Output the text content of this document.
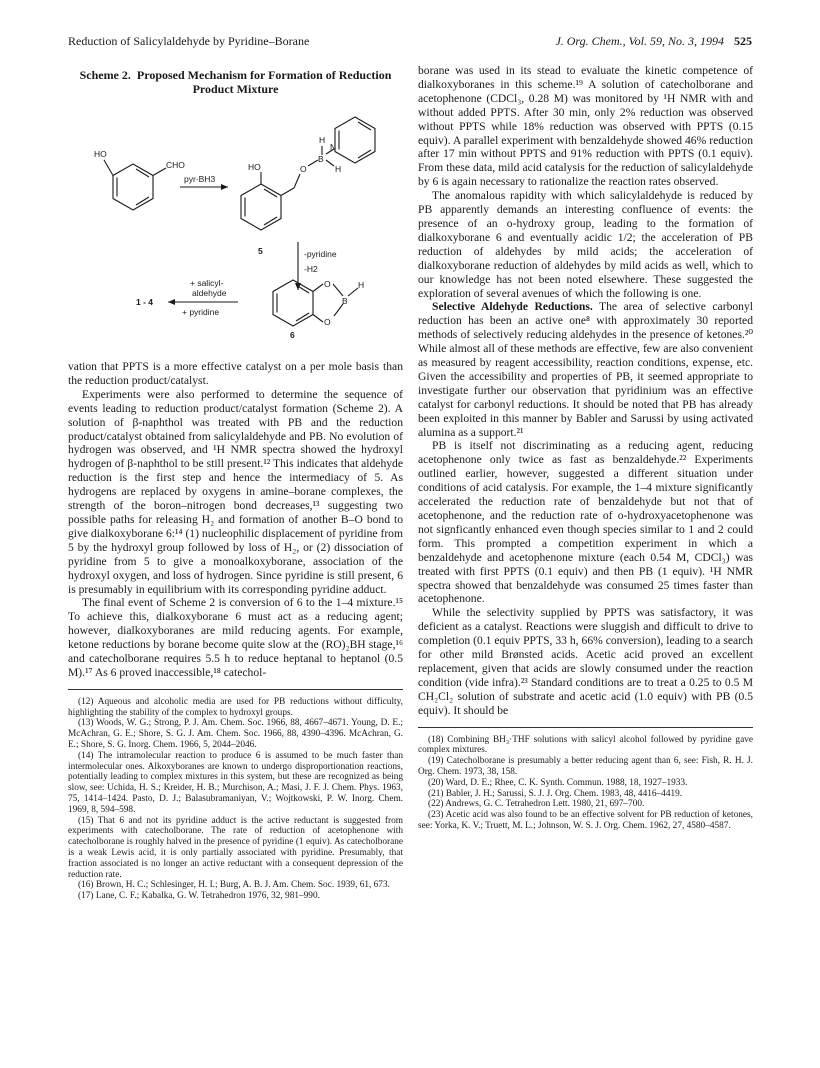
Reduction of Salicylaldehyde by Pyridine–Borane	J. Org. Chem., Vol. 59, No. 3, 1994 525
Scheme 2. Proposed Mechanism for Formation of Reduction Product Mixture
HO
CHO
pyr·BH3
HO	O
B
H
H
N
5	-pyridine
-H2
+ salicyl-
aldehyde
1 - 4
+ pyridine
O
O
B
H
6

vation that PPTS is a more effective catalyst on a per mole basis than the reduction product/catalyst.

Experiments were also performed to determine the sequence of events leading to reduction product/catalyst formation (Scheme 2). A solution of β-naphthol was treated with PB and the reduction product/catalyst obtained from salicylaldehyde and PB. No evolution of hydrogen was observed, and ¹H NMR spectra showed the hydroxyl hydrogen of β-naphthol to be still present.¹² This indicates that aldehyde reduction is the first step and hence the intermediacy of 5. As hydrogens are replaced by oxygens in amine–borane complexes, the strength of the boron–nitrogen bond decreases,¹³ suggesting two possible paths for releasing H₂ and formation of another B–O bond to give dialkoxyborane 6:¹⁴ (1) nucleophilic displacement of pyridine from 5 by the hydroxyl group followed by loss of H₂, or (2) dissociation of pyridine from 5 to give a monoalkoxyborane, association of the hydroxyl oxygen, and loss of hydrogen. Since pyridine is still present, 6 is presumably in equilibrium with its corresponding pyridine adduct.

The final event of Scheme 2 is conversion of 6 to the 1–4 mixture.¹⁵ To achieve this, dialkoxyborane 6 must act as a reducing agent; however, dialkoxyboranes are mild reducing agents. For example, ketone reductions by borane become quite slow at the (RO)₂BH stage,¹⁶ and catecholborane requires 5.5 h to reduce heptanal to heptanol (0.5 M).¹⁷ As 6 proved inaccessible,¹⁸ catechol-

(12) Aqueous and alcoholic media are used for PB reductions without difficulty, highlighting the stability of the complex to hydroxyl groups.

(13) Woods, W. G.; Strong, P. J. Am. Chem. Soc. 1966, 88, 4667–4671. Young, D. E.; McAchran, G. E.; Shore, S. G. J. Am. Chem. Soc. 1966, 88, 4390–4396. McAchran, G. E.; Shore, S. G. Inorg. Chem. 1966, 5, 2044–2046.

(14) The intramolecular reaction to produce 6 is assumed to be much faster than intermolecular ones. Alkoxyboranes are known to undergo disproportionation reactions, potentially leading to complex mixtures in this system, but these are recognized as being slow, see: Uchida, H. S.; Kreider, H. B.; Murchison, A.; Masi, J. F. J. Chem. Phys. 1963, 75, 1414–1424. Pasto, D. J.; Balasubramaniyan, V.; Wojtkowski, P. W. Inorg. Chem. 1969, 8, 594–598.

(15) That 6 and not its pyridine adduct is the active reductant is suggested from experiments with catecholborane. The rate of reduction of acetophenone with catecholborane is roughly halved in the presence of pyridine (1 equiv). As catecholborane is a weak Lewis acid, it is only partially associated with pyridine. Presumably, that fraction associated is no longer an active reductant with a consequent depression of the reduction rate.

(16) Brown, H. C.; Schlesinger, H. I.; Burg, A. B. J. Am. Chem. Soc. 1939, 61, 673.

(17) Lane, C. F.; Kabalka, G. W. Tetrahedron 1976, 32, 981–990.

borane was used in its stead to evaluate the kinetic competence of dialkoxyboranes in this scheme.¹⁹ A solution of catecholborane and acetophenone (CDCl₃, 0.28 M) was monitored by ¹H NMR with and without added PPTS. After 30 min, only 2% reduction was observed without PPTS while 18% reduction was observed with PPTS (0.15 equiv). A parallel experiment with benzaldehyde showed 46% reduction after 17 min without PPTS and 91% reduction with PPTS (0.1 equiv). From these data, mild acid catalysis for the reduction of salicylaldehyde by 6 is again necessary to rationalize the reaction rates observed.

The anomalous rapidity with which salicylaldehyde is reduced by PB apparently demands an interesting confluence of events: the presence of an o-hydroxy group, leading to the formation of dialkoxyborane 6 and eventually acidic 1/2; the acceleration of PB reduction of aldehydes by mild acids; the acceleration of dialkoxyborane reduction of aldehydes by mild acids as well, which to our knowledge has not been noted elsewhere. These suggested the exploration of several avenues of which the following is one.

Selective Aldehyde Reductions. The area of selective carbonyl reduction has been an active one⁸ with approximately 30 reported methods of selectively reducing aldehydes in the presence of ketones.²⁰ While almost all of these methods are effective, few are also convenient as measured by reagent accessibility, reaction conditions, expense, etc. Given the accessibility and properties of PB, it seemed appropriate to investigate further our observation that pyridinium was an effective catalyst for carbonyl reductions. It should be noted that PB has already been exploited in this manner by Babler and Sarussi by using activated alumina as a support.²¹

PB is itself not discriminating as a reducing agent, reducing acetophenone only twice as fast as benzaldehyde.²² Experiments outlined earlier, however, suggested a different situation under conditions of acid catalysis. For example, the 1–4 mixture significantly accelerated the reduction rate of benzaldehyde but not that of acetophenone, and the reduction rate of o-hydroxyacetophenone was not signficantly enhanced even though species similar to 1 and 2 could form. This prompted a competition experiment in which a benzaldehyde and acetophenone mixture (each 0.54 M, CDCl₃) was treated with first PPTS (0.1 equiv) and then PB (1 equiv). ¹H NMR spectra showed that benzaldehyde was consumed 25 times faster than acetophenone.

While the selectivity supplied by PPTS was satisfactory, it was deficient as a catalyst. Reactions were sluggish and difficult to drive to completion (0.1 equiv PPTS, 33 h, 66% conversion), leading to a search for other mild Brønsted acids. Acetic acid proved an excellent replacement, given that acids are slowly consumed under the reaction condition (vide infra).²³ Standard conditions are to treat a 0.25 to 0.5 M CH₂Cl₂ solution of substrate and acetic acid (1.0 equiv) with PB (0.5 equiv). It should be

(18) Combining BH₃·THF solutions with salicyl alcohol followed by pyridine gave complex mixtures.

(19) Catecholborane is presumably a better reducing agent than 6, see: Fish, R. H. J. Org. Chem. 1973, 38, 158.

(20) Ward, D. E.; Rhee, C. K. Synth. Commun. 1988, 18, 1927–1933.

(21) Babler, J. H.; Sarussi, S. J. J. Org. Chem. 1983, 48, 4416–4419.

(22) Andrews, G. C. Tetrahedron Lett. 1980, 21, 697–700.

(23) Acetic acid was also found to be an effective solvent for PB reduction of ketones, see: Yorka, K. V.; Truett, M. L.; Johnson, W. S. J. Org. Chem. 1962, 27, 4580–4587.
